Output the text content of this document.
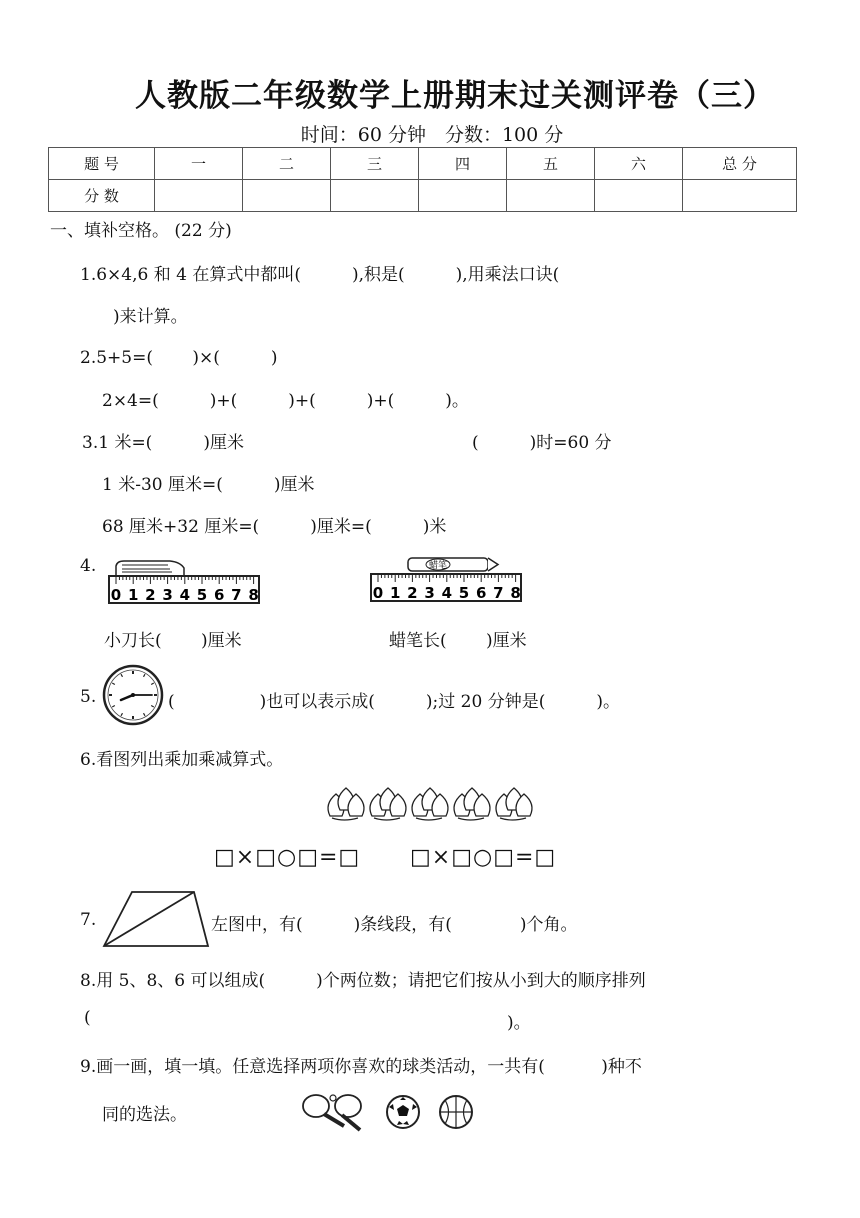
人教版二年级数学上册期末过关测评卷（三）
时间：60 分钟　分数：100 分
题 号	一	二	三	四	五	六	总 分
分 数							
一、填补空格。 (22 分)
1.6×4,6 和 4 在算式中都叫(　　　),积是(　　　),用乘法口诀(
)来计算。
2.5+5=(　　 )×(　　　)
2×4=(　　　)+(　　　)+(　　　)+(　　　)。
3.1 米=(　　　)厘米	(　　　)时=60 分
1 米-30 厘米=(　　　)厘米
68 厘米+32 厘米=(　　　)厘米=(　　　)米
4.
0 1 2 3 4 5 6 7 8
蜡笔
0 1 2 3 4 5 6 7 8
小刀长(　　 )厘米	蜡笔长(　　 )厘米
5.	(　　　　　)也可以表示成(　　　);过 20 分钟是(　　　)。
6.看图列出乘加乘减算式。
□×□○□=□ □×□○□=□
7.	左图中，有(　　　)条线段，有(　　　　)个角。
8.用 5、8、6 可以组成(　　　)个两位数；请把它们按从小到大的顺序排列
(	)。
9.画一画，填一填。任意选择两项你喜欢的球类活动，一共有(　　　 )种不
同的选法。
